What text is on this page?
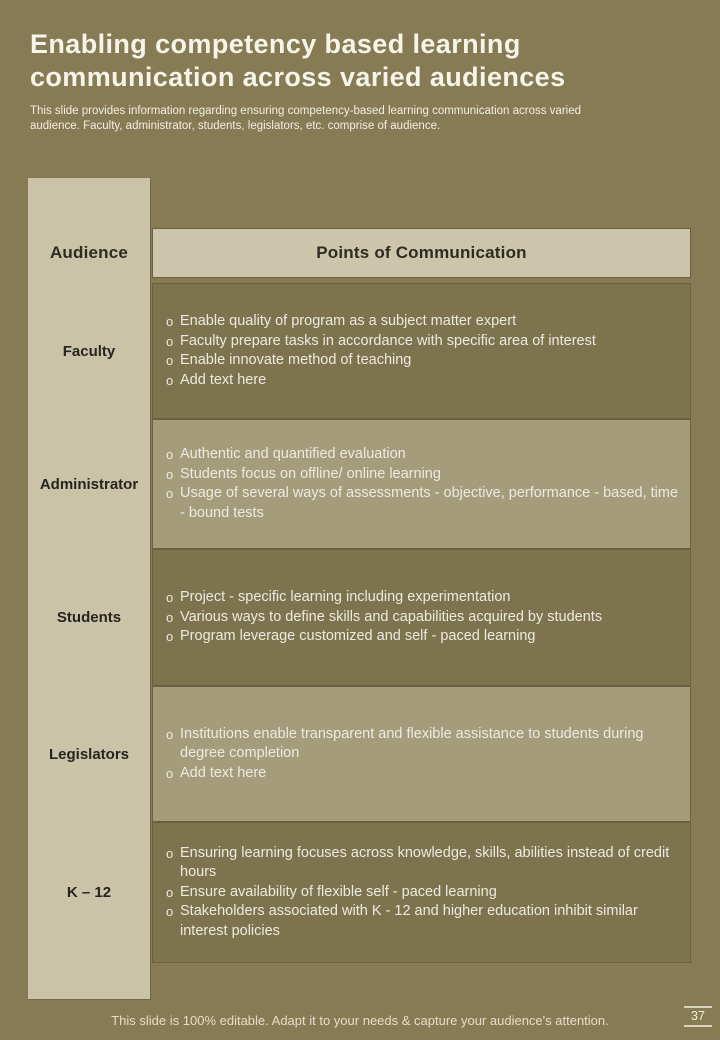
Enabling competency based learning
communication across varied audiences
This slide provides information regarding ensuring competency-based learning communication across varied audience. Faculty, administrator, students, legislators, etc. comprise of audience.
Audience	Points of Communication
Faculty
Administrator
Students
Legislators
K – 12
o Enable quality of program as a subject matter expert
o Faculty prepare tasks in accordance with specific area of interest
o Enable innovate method of teaching
o Add text here
o Authentic and quantified evaluation
o Students focus on offline/ online learning
o Usage of several ways of assessments - objective, performance - based, time - bound tests
o Project - specific learning including experimentation
o Various ways to define skills and capabilities acquired by students
o Program leverage customized and self - paced learning
o Institutions enable transparent and flexible assistance to students during degree completion
o Add text here
o Ensuring learning focuses across knowledge, skills, abilities instead of credit hours
o Ensure availability of flexible self - paced learning
o Stakeholders associated with K - 12 and higher education inhibit similar interest policies
This slide is 100% editable. Adapt it to your needs & capture your audience's attention.	37
